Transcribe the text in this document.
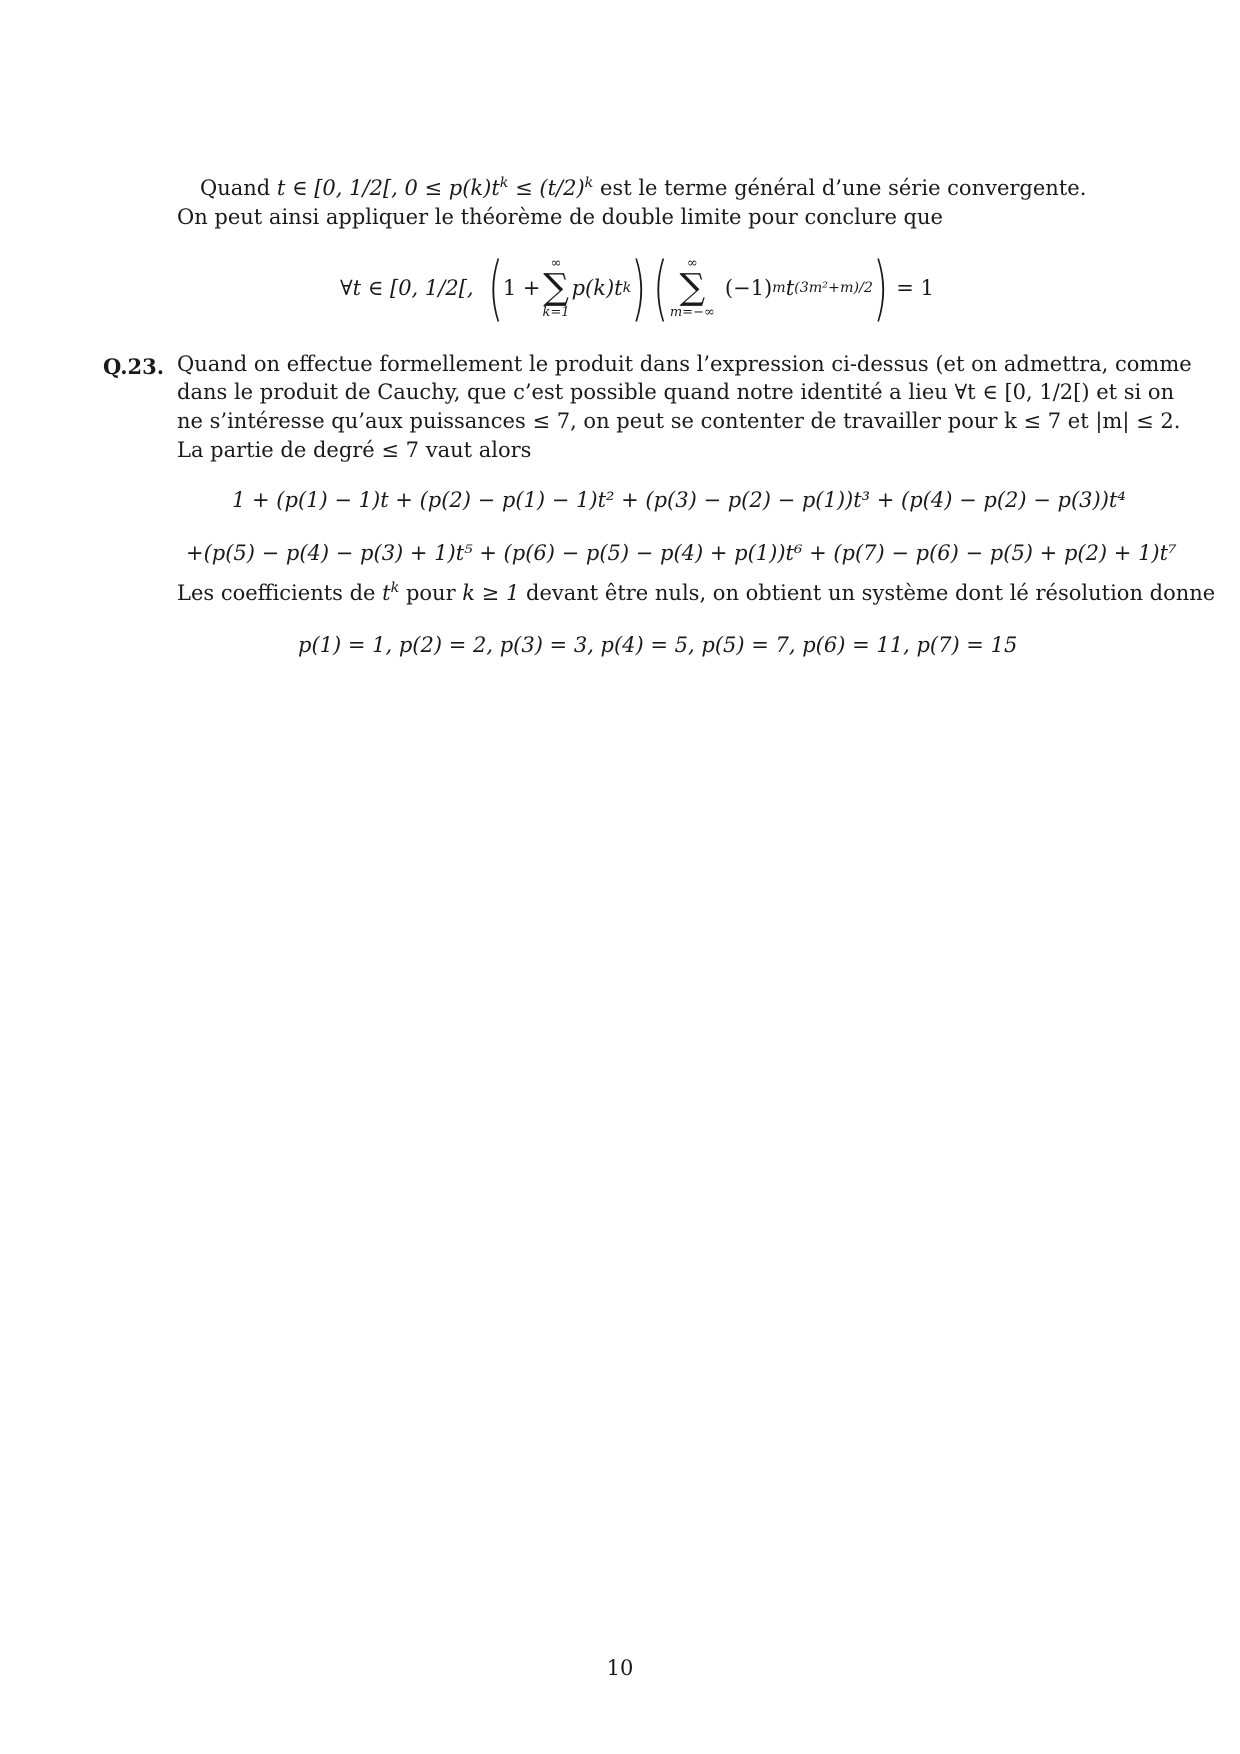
Quand t ∈ [0, 1/2[, $0 \le p(k)t^k \le (t/2)^k$ est le terme général d’une série convergente.
On peut ainsi appliquer le théorème de double limite pour conclure que
∀t ∈ [0, 1/2[, ( 1 +
∞
∑
k=1
p(k)t k ) ( ∞
∑
m=−∞
(−1) m t (3m²+m)/2 ) = 1
Q.23. Quand on effectue formellement le produit dans l’expression ci-dessus (et on admettra, comme
dans le produit de Cauchy, que c’est possible quand notre identité a lieu ∀t ∈ [0, 1/2[) et si on
ne s’intéresse qu’aux puissances ≤ 7, on peut se contenter de travailler pour k ≤ 7 et |m| ≤ 2.
La partie de degré ≤ 7 vaut alors
1 + (p(1) − 1)t + (p(2) − p(1) − 1)t² + (p(3) − p(2) − p(1))t³ + (p(4) − p(2) − p(3))t⁴
+(p(5) − p(4) − p(3) + 1)t⁵ + (p(6) − p(5) − p(4) + p(1))t⁶ + (p(7) − p(6) − p(5) + p(2) + 1)t⁷
Les coefficients de $t^k$ pour k ≥ 1 devant être nuls, on obtient un système dont lé résolution donne
p(1) = 1, p(2) = 2, p(3) = 3, p(4) = 5, p(5) = 7, p(6) = 11, p(7) = 15
10
